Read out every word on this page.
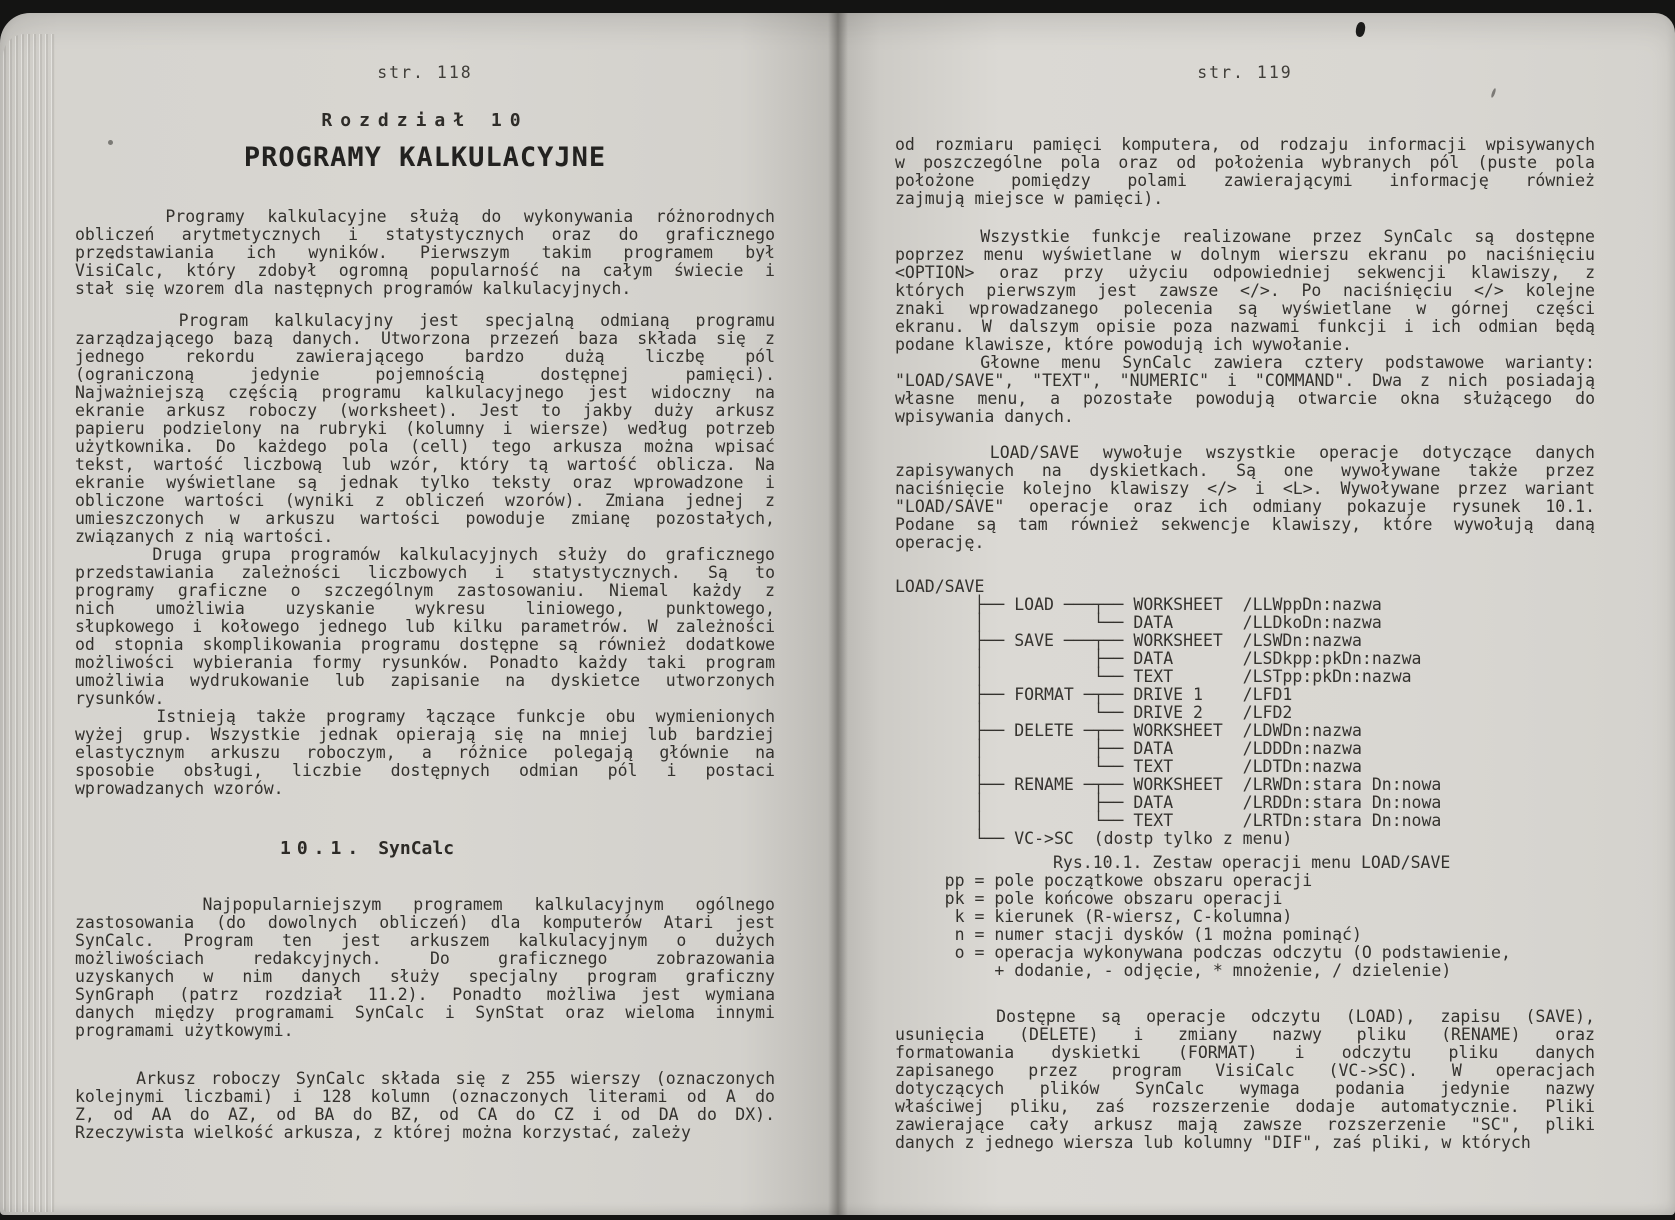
str. 118
Rozdział 10
PROGRAMY KALKULACYJNE
Programy kalkulacyjne służą do wykonywania różnorodnych
obliczeń arytmetycznych i statystycznych oraz do graficznego
przedstawiania ich wyników. Pierwszym takim programem był
VisiCalc, który zdobył ogromną popularność na całym świecie i
stał się wzorem dla następnych programów kalkulacyjnych.
Program kalkulacyjny jest specjalną odmianą programu
zarządzającego bazą danych. Utworzona przezeń baza składa się z
jednego rekordu zawierającego bardzo dużą liczbę pól
(ograniczoną jedynie pojemnością dostępnej pamięci).
Najważniejszą częścią programu kalkulacyjnego jest widoczny na
ekranie arkusz roboczy (worksheet). Jest to jakby duży arkusz
papieru podzielony na rubryki (kolumny i wiersze) według potrzeb
użytkownika. Do każdego pola (cell) tego arkusza można wpisać
tekst, wartość liczbową lub wzór, który tą wartość oblicza. Na
ekranie wyświetlane są jednak tylko teksty oraz wprowadzone i
obliczone wartości (wyniki z obliczeń wzorów). Zmiana jednej z
umieszczonych w arkuszu wartości powoduje zmianę pozostałych,
związanych z nią wartości.
Druga grupa programów kalkulacyjnych służy do graficznego
przedstawiania zależności liczbowych i statystycznych. Są to
programy graficzne o szczególnym zastosowaniu. Niemal każdy z
nich umożliwia uzyskanie wykresu liniowego, punktowego,
słupkowego i kołowego jednego lub kilku parametrów. W zależności
od stopnia skomplikowania programu dostępne są również dodatkowe
możliwości wybierania formy rysunków. Ponadto każdy taki program
umożliwia wydrukowanie lub zapisanie na dyskietce utworzonych
rysunków.
Istnieją także programy łączące funkcje obu wymienionych
wyżej grup. Wszystkie jednak opierają się na mniej lub bardziej
elastycznym arkuszu roboczym, a różnice polegają głównie na
sposobie obsługi, liczbie dostępnych odmian pól i postaci
wprowadzanych wzorów.
10.1. SynCalc
Najpopularniejszym programem kalkulacyjnym ogólnego
zastosowania (do dowolnych obliczeń) dla komputerów Atari jest
SynCalc. Program ten jest arkuszem kalkulacyjnym o dużych
możliwościach redakcyjnych. Do graficznego zobrazowania
uzyskanych w nim danych służy specjalny program graficzny
SynGraph (patrz rozdział 11.2). Ponadto możliwa jest wymiana
danych między programami SynCalc i SynStat oraz wieloma innymi
programami użytkowymi.
Arkusz roboczy SynCalc składa się z 255 wierszy (oznaczonych
kolejnymi liczbami) i 128 kolumn (oznaczonych literami od A do
Z, od AA do AZ, od BA do BZ, od CA do CZ i od DA do DX).
Rzeczywista wielkość arkusza, z której można korzystać, zależy
str. 119
od rozmiaru pamięci komputera, od rodzaju informacji wpisywanych
w poszczególne pola oraz od położenia wybranych pól (puste pola
położone pomiędzy polami zawierającymi informację również
zajmują miejsce w pamięci).
Wszystkie funkcje realizowane przez SynCalc są dostępne
poprzez menu wyświetlane w dolnym wierszu ekranu po naciśnięciu
<OPTION> oraz przy użyciu odpowiedniej sekwencji klawiszy, z
których pierwszym jest zawsze </>. Po naciśnięciu </> kolejne
znaki wprowadzanego polecenia są wyświetlane w górnej części
ekranu. W dalszym opisie poza nazwami funkcji i ich odmian będą
podane klawisze, które powodują ich wywołanie.
Głowne menu SynCalc zawiera cztery podstawowe warianty:
"LOAD/SAVE", "TEXT", "NUMERIC" i "COMMAND". Dwa z nich posiadają
własne menu, a pozostałe powodują otwarcie okna służącego do
wpisywania danych.
LOAD/SAVE wywołuje wszystkie operacje dotyczące danych
zapisywanych na dyskietkach. Są one wywoływane także przez
naciśnięcie kolejno klawiszy </> i <L>. Wywoływane przez wariant
"LOAD/SAVE" operacje oraz ich odmiany pokazuje rysunek 10.1.
Podane są tam również sekwencje klawiszy, które wywołują daną
operację.
LOAD/SAVE
├── LOAD ───┬── WORKSHEET  /LLWppDn:nazwa
│           └── DATA       /LLDkoDn:nazwa
├── SAVE ───┬── WORKSHEET  /LSWDn:nazwa
│           ├── DATA       /LSDkpp:pkDn:nazwa
│           └── TEXT       /LSTpp:pkDn:nazwa
├── FORMAT ─┬── DRIVE 1    /LFD1
│           └── DRIVE 2    /LFD2
├── DELETE ─┬── WORKSHEET  /LDWDn:nazwa
│           ├── DATA       /LDDDn:nazwa
│           └── TEXT       /LDTDn:nazwa
├── RENAME ─┬── WORKSHEET  /LRWDn:stara Dn:nowa
│           ├── DATA       /LRDDn:stara Dn:nowa
│           └── TEXT       /LRTDn:stara Dn:nowa
└── VC->SC  (dostp tylko z menu)
Rys.10.1. Zestaw operacji menu LOAD/SAVE
pp = pole początkowe obszaru operacji
pk = pole końcowe obszaru operacji
k = kierunek (R-wiersz, C-kolumna)
n = numer stacji dysków (1 można pominąć)
o = operacja wykonywana podczas odczytu (O podstawienie,
+ dodanie, - odjęcie, * mnożenie, / dzielenie)
Dostępne są operacje odczytu (LOAD), zapisu (SAVE),
usunięcia (DELETE) i zmiany nazwy pliku (RENAME) oraz
formatowania dyskietki (FORMAT) i odczytu pliku danych
zapisanego przez program VisiCalc (VC->SC). W operacjach
dotyczących plików SynCalc wymaga podania jedynie nazwy
właściwej pliku, zaś rozszerzenie dodaje automatycznie. Pliki
zawierające cały arkusz mają zawsze rozszerzenie "SC", pliki
danych z jednego wiersza lub kolumny "DIF", zaś pliki, w których
